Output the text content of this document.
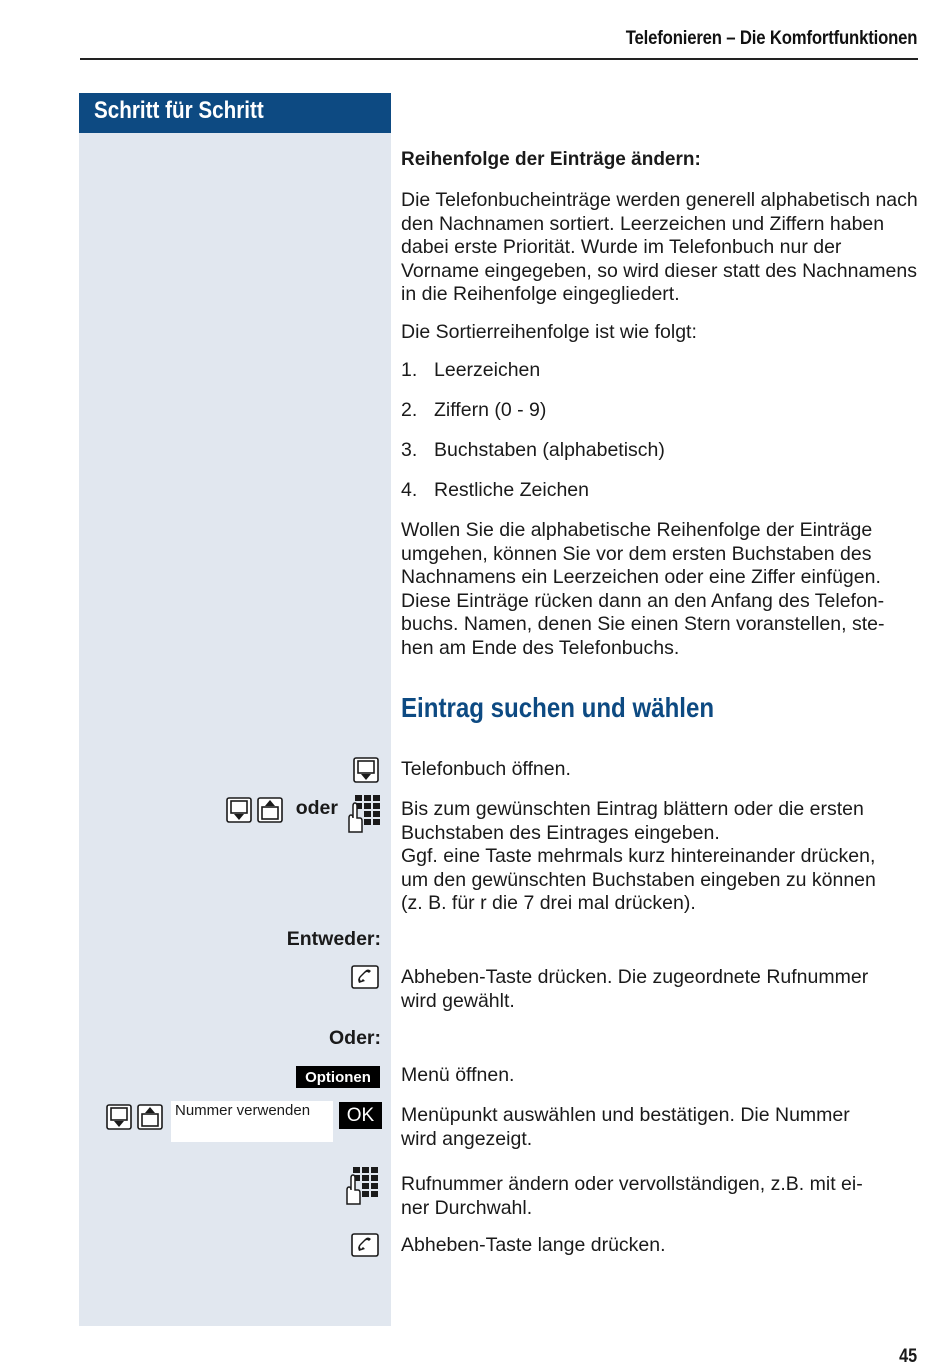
Telefonieren – Die Komfortfunktionen
Schritt für Schritt

Reihenfolge der Einträge ändern:

Die Telefonbucheinträge werden generell alphabetisch nach den Nachnamen sortiert. Leerzeichen und Ziffern haben dabei erste Priorität. Wurde im Telefonbuch nur der Vorname eingegeben, so wird dieser statt des Nachnamens in die Reihenfolge eingegliedert.

Die Sortierreihenfolge ist wie folgt:

1. Leerzeichen
2. Ziffern (0 - 9)
3. Buchstaben (alphabetisch)
4. Restliche Zeichen

Wollen Sie die alphabetische Reihenfolge der Einträge

umgehen, können Sie vor dem ersten Buchstaben des

Nachnamens ein Leerzeichen oder eine Ziffer einfügen.

Diese Einträge rücken dann an den Anfang des Telefon-

buchs. Namen, denen Sie einen Stern voranstellen, ste-

hen am Ende des Telefonbuchs.

Eintrag suchen und wählen

Telefonbuch öffnen.

oder	Bis zum gewünschten Eintrag blättern oder die ersten

Buchstaben des Eintrages eingeben.

Ggf. eine Taste mehrmals kurz hintereinander drücken,

um den gewünschten Buchstaben eingeben zu können

(z. B. für r die 7 drei mal drücken).

Entweder:

Abheben-Taste drücken. Die zugeordnete Rufnummer

wird gewählt.

Oder:
Optionen	Menü öffnen.

Nummer verwenden	OK	Menüpunkt auswählen und bestätigen. Die Nummer

wird angezeigt.

Rufnummer ändern oder vervollständigen, z.B. mit ei-

ner Durchwahl.

Abheben-Taste lange drücken.

45
